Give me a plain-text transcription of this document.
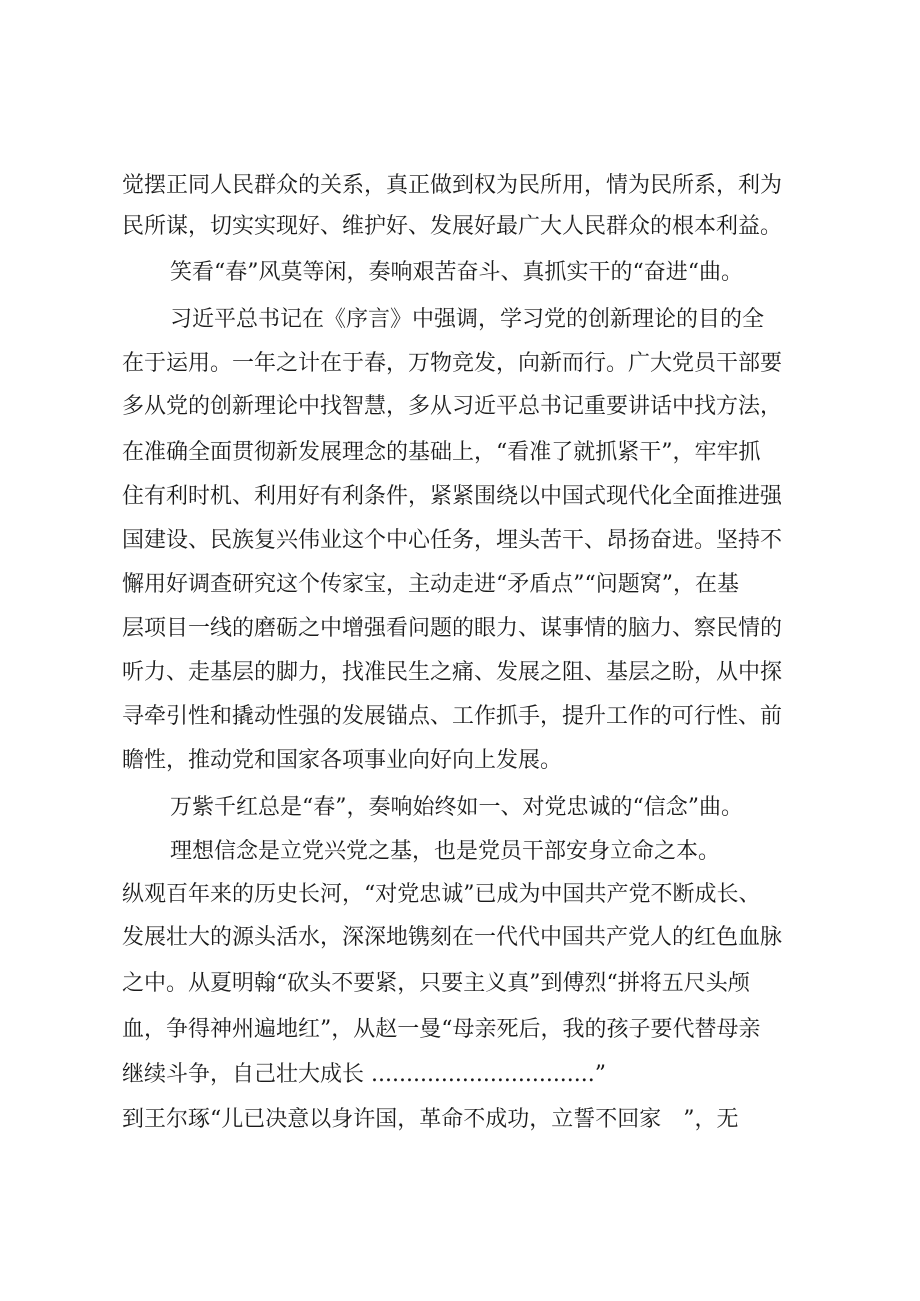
觉摆正同人民群众的关系，真正做到权为民所用，情为民所系，利为
民所谋，切实实现好、维护好、发展好最广大人民群众的根本利益。
笑看“春”风莫等闲，奏响艰苦奋斗、真抓实干的“奋进“曲。
习近平总书记在《序言》中强调，学习党的创新理论的目的全
在于运用。一年之计在于春，万物竞发，向新而行。广大党员干部要
多从党的创新理论中找智慧，多从习近平总书记重要讲话中找方法，
在准确全面贯彻新发展理念的基础上，“看准了就抓紧干”，牢牢抓
住有利时机、利用好有利条件，紧紧围绕以中国式现代化全面推进强
国建设、民族复兴伟业这个中心任务，埋头苦干、昂扬奋进。坚持不
懈用好调查研究这个传家宝，主动走进“矛盾点”“问题窝”，在基
层项目一线的磨砺之中增强看问题的眼力、谋事情的脑力、察民情的
听力、走基层的脚力，找准民生之痛、发展之阻、基层之盼，从中探
寻牵引性和撬动性强的发展锚点、工作抓手，提升工作的可行性、前
瞻性，推动党和国家各项事业向好向上发展。
万紫千红总是“春”，奏响始终如一、对党忠诚的“信念”曲。
理想信念是立党兴党之基，也是党员干部安身立命之本。
纵观百年来的历史长河，“对党忠诚”已成为中国共产党不断成长、
发展壮大的源头活水，深深地镌刻在一代代中国共产党人的红色血脉
之中。从夏明翰“砍头不要紧，只要主义真”到傅烈“拼将五尺头颅
血，争得神州遍地红”，从赵一曼“母亲死后，我的孩子要代替母亲
继续斗争，自己壮大成长 ................................”
到王尔琢“儿已决意以身许国，革命不成功，立誓不回家　”，无
